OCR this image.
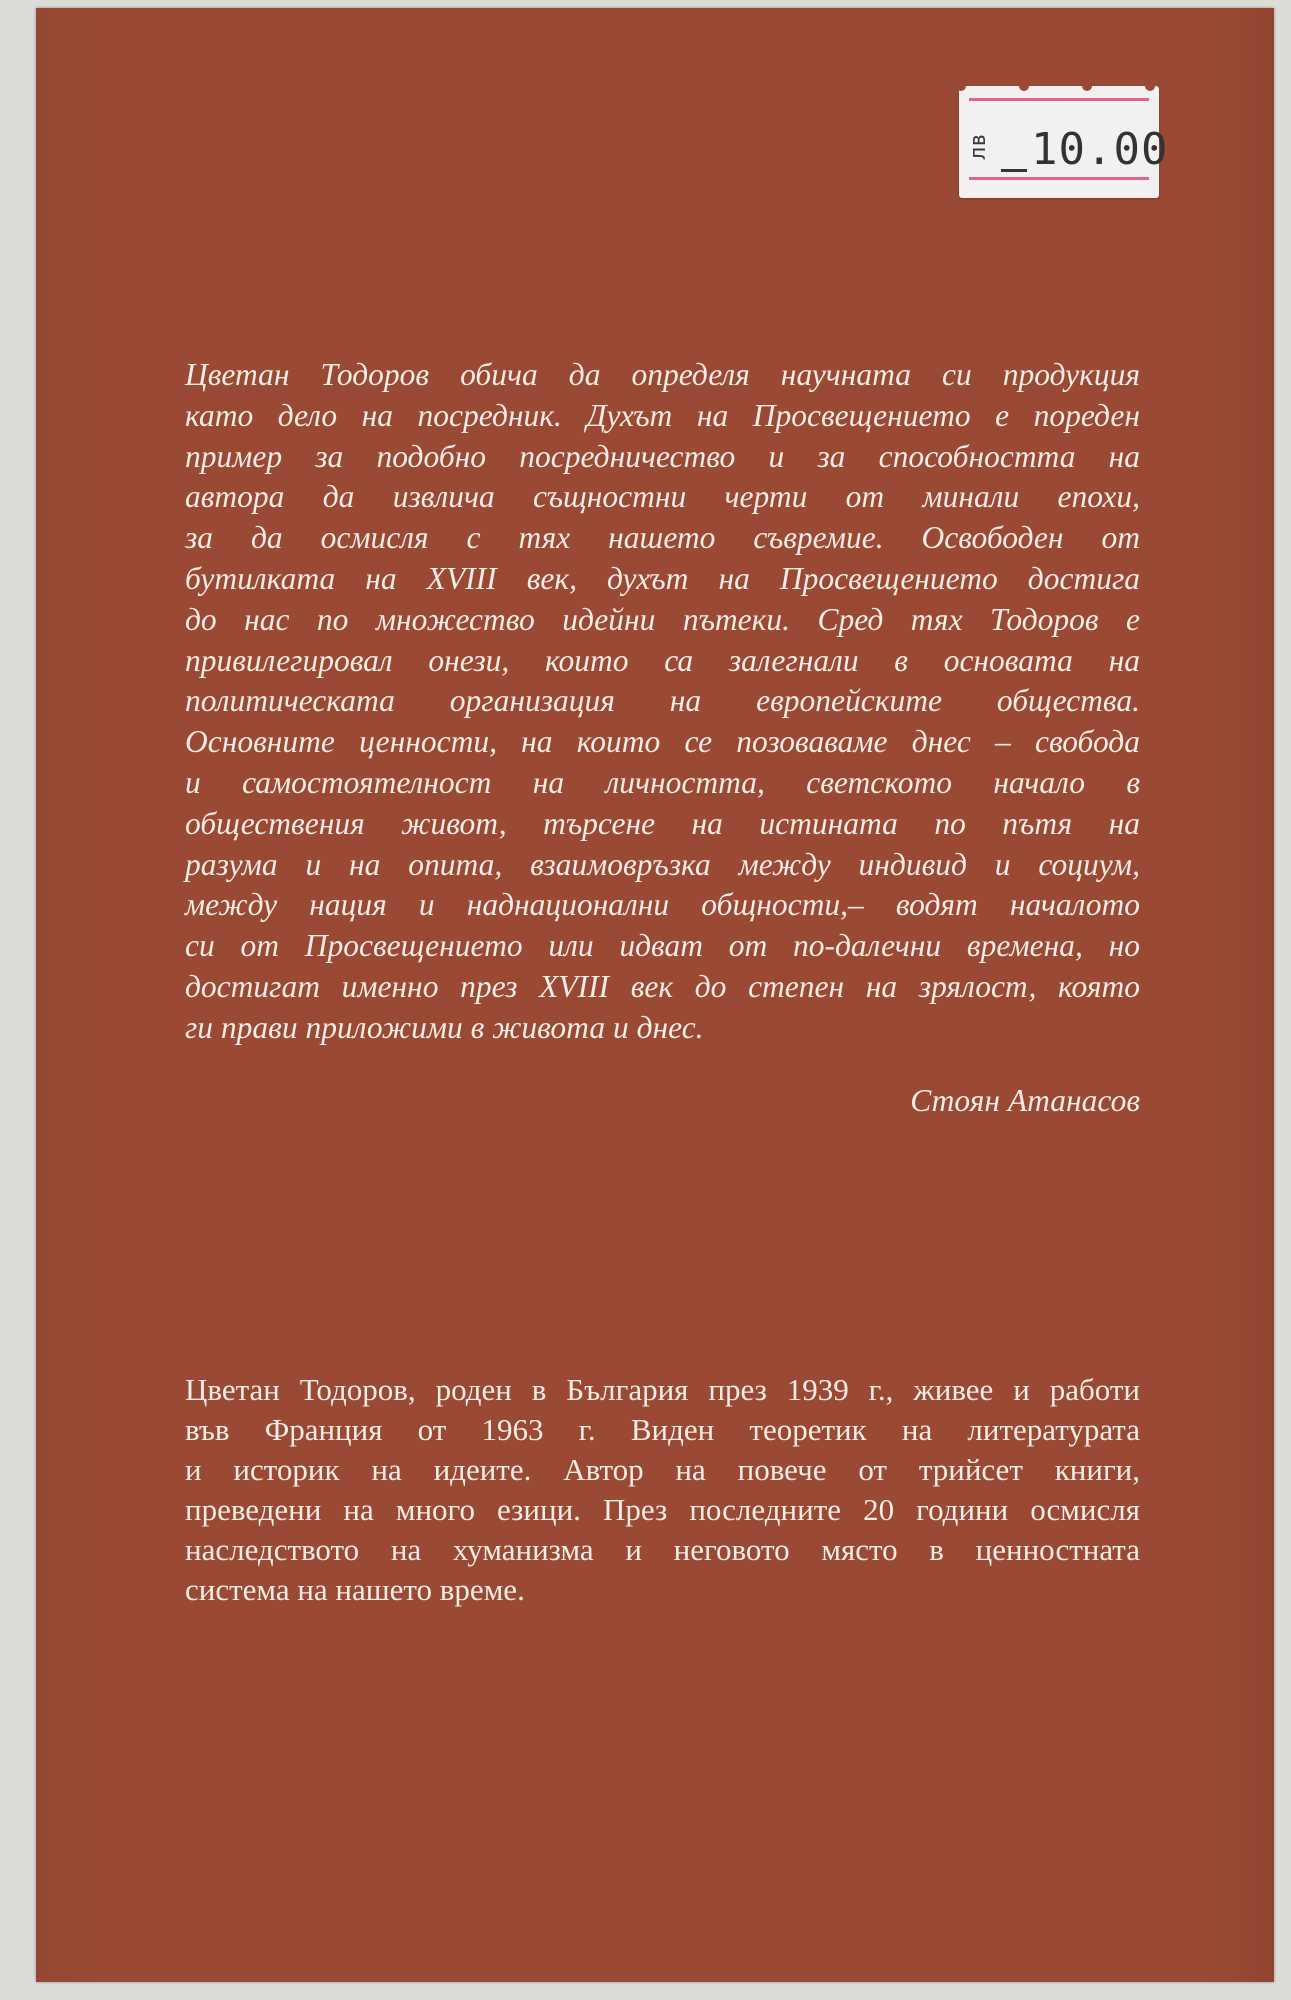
лв 10.00
Цветан Тодоров обича да определя научната си продукция
като дело на посредник. Духът на Просвещението е пореден
пример за подобно посредничество и за способността на
автора да извлича същностни черти от минали епохи,
за да осмисля с тях нашето съвремие. Освободен от
бутилката на XVIII век, духът на Просвещението достига
до нас по множество идейни пътеки. Сред тях Тодоров е
привилегировал онези, които са залегнали в основата на
политическата организация на европейските общества.
Основните ценности, на които се позоваваме днес – свобода
и самостоятелност на личността, светското начало в
обществения живот, търсене на истината по пътя на
разума и на опита, взаимовръзка между индивид и социум,
между нация и наднационални общности,– водят началото
си от Просвещението или идват от по-далечни времена, но
достигат именно през XVIII век до степен на зрялост, която
ги прави приложими в живота и днес.
Стоян Атанасов
Цветан Тодоров, роден в България през 1939 г., живее и работи
във Франция от 1963 г. Виден теоретик на литературата
и историк на идеите. Автор на повече от трийсет книги,
преведени на много езици. През последните 20 години осмисля
наследството на хуманизма и неговото място в ценностната
система на нашето време.
